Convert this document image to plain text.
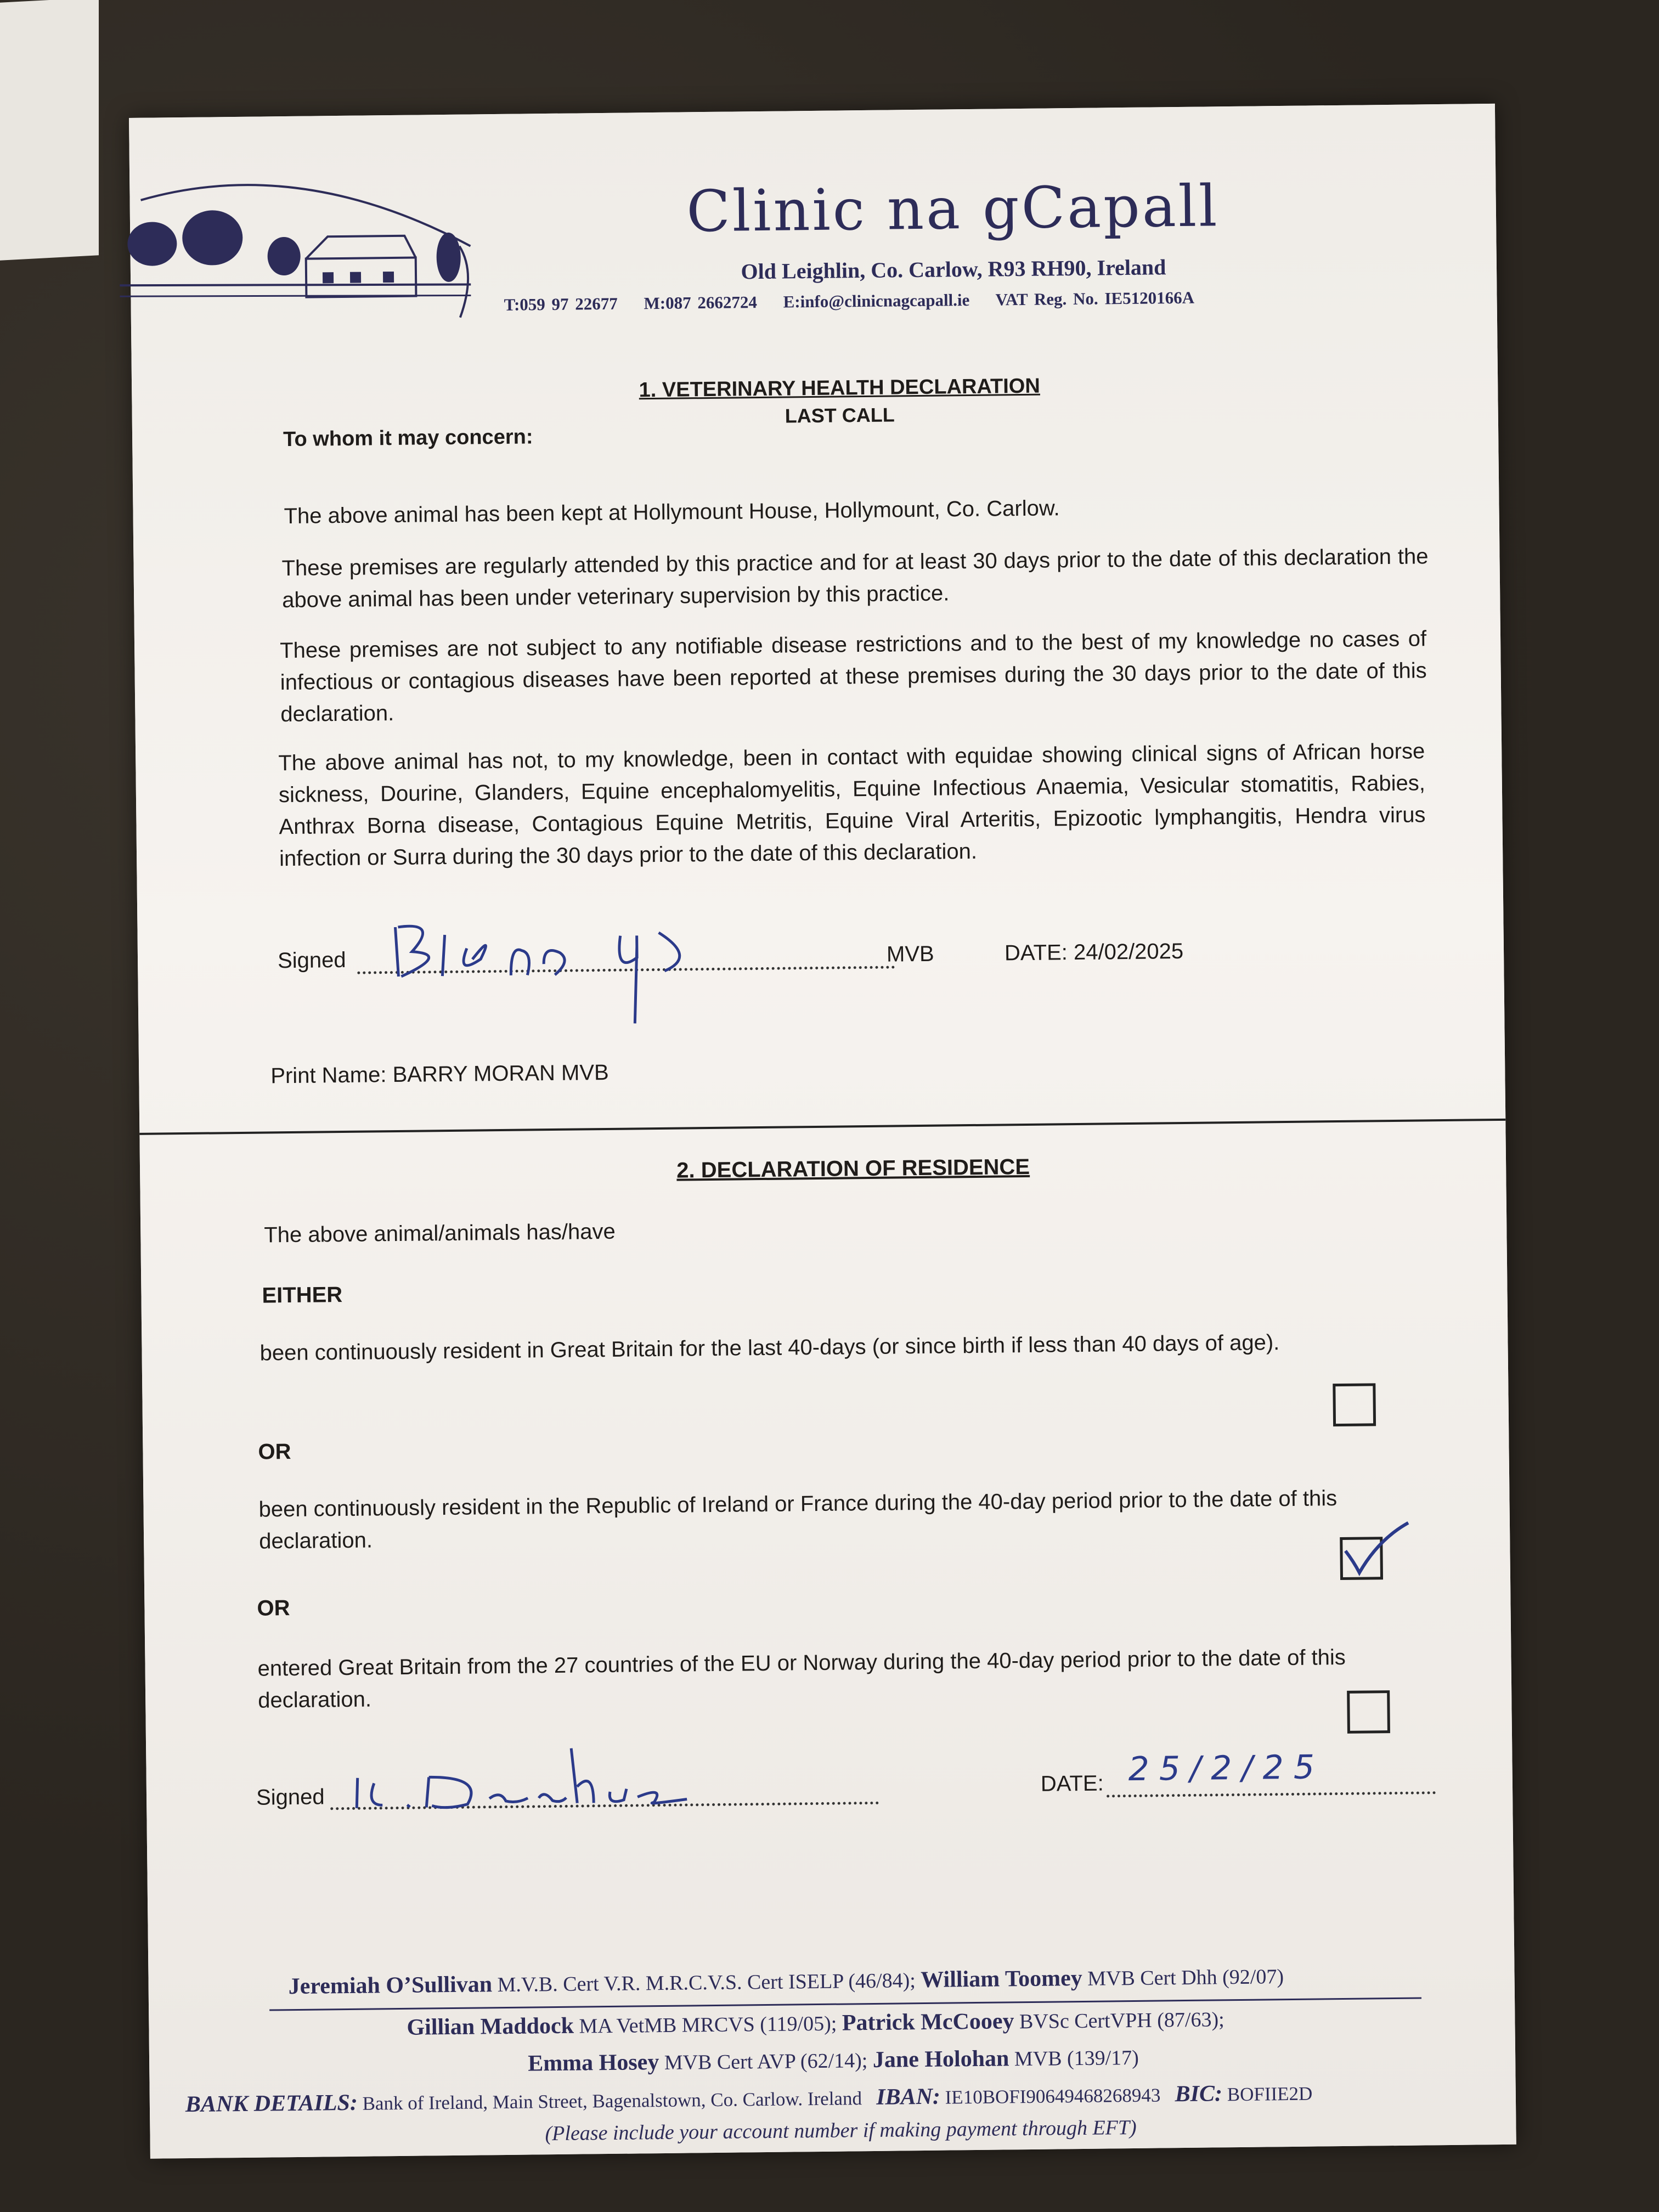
Clinic na gCapall
Old Leighlin, Co. Carlow, R93 RH90, Ireland
T:059 97 22677 M:087 2662724 E:info@clinicnagcapall.ie VAT Reg. No. IE5120166A
1. VETERINARY HEALTH DECLARATION
LAST CALL
To whom it may concern:
The above animal has been kept at Hollymount House, Hollymount, Co. Carlow.
These premises are regularly attended by this practice and for at least 30 days prior to the date of this declaration the above animal has been under veterinary supervision by this practice.
These premises are not subject to any notifiable disease restrictions and to the best of my knowledge no cases of infectious or contagious diseases have been reported at these premises during the 30 days prior to the date of this declaration.
The above animal has not, to my knowledge, been in contact with equidae showing clinical signs of African horse sickness, Dourine, Glanders, Equine encephalomyelitis, Equine Infectious Anaemia, Vesicular stomatitis, Rabies, Anthrax Borna disease, Contagious Equine Metritis, Equine Viral Arteritis, Epizootic lymphangitis, Hendra virus infection or Surra during the 30 days prior to the date of this declaration.
Signed	MVB	DATE: 24/02/2025
Print Name: BARRY MORAN MVB
2. DECLARATION OF RESIDENCE
The above animal/animals has/have
EITHER
been continuously resident in Great Britain for the last 40-days (or since birth if less than 40 days of age).
OR
been continuously resident in the Republic of Ireland or France during the 40-day period prior to the date of this declaration.
OR
entered Great Britain from the 27 countries of the EU or Norway during the 40-day period prior to the date of this declaration.
Signed
DATE: 25/2/25
Jeremiah O’Sullivan M.V.B. Cert V.R. M.R.C.V.S. Cert ISELP (46/84); William Toomey MVB Cert Dhh (92/07)
Gillian Maddock MA VetMB MRCVS (119/05); Patrick McCooey BVSc CertVPH (87/63);
Emma Hosey MVB Cert AVP (62/14); Jane Holohan MVB (139/17)
BANK DETAILS: Bank of Ireland, Main Street, Bagenalstown, Co. Carlow. Ireland IBAN: IE10BOFI90649468268943 BIC: BOFIIE2D
(Please include your account number if making payment through EFT)
